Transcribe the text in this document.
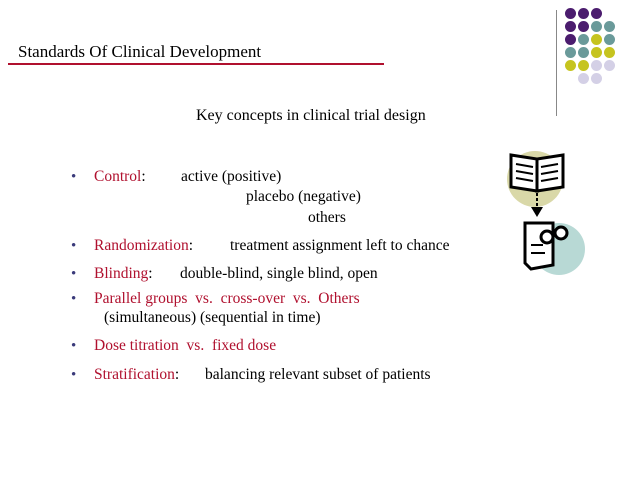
Standards Of Clinical Development
Key concepts in clinical trial design
• Control: active (positive)
placebo (negative)
others
• Randomization: treatment assignment left to chance
• Blinding: double-blind, single blind, open
• Parallel groups  vs.  cross-over  vs.  Others
(simultaneous) (sequential in time)
• Dose titration  vs.  fixed dose
• Stratification: balancing relevant subset of patients
